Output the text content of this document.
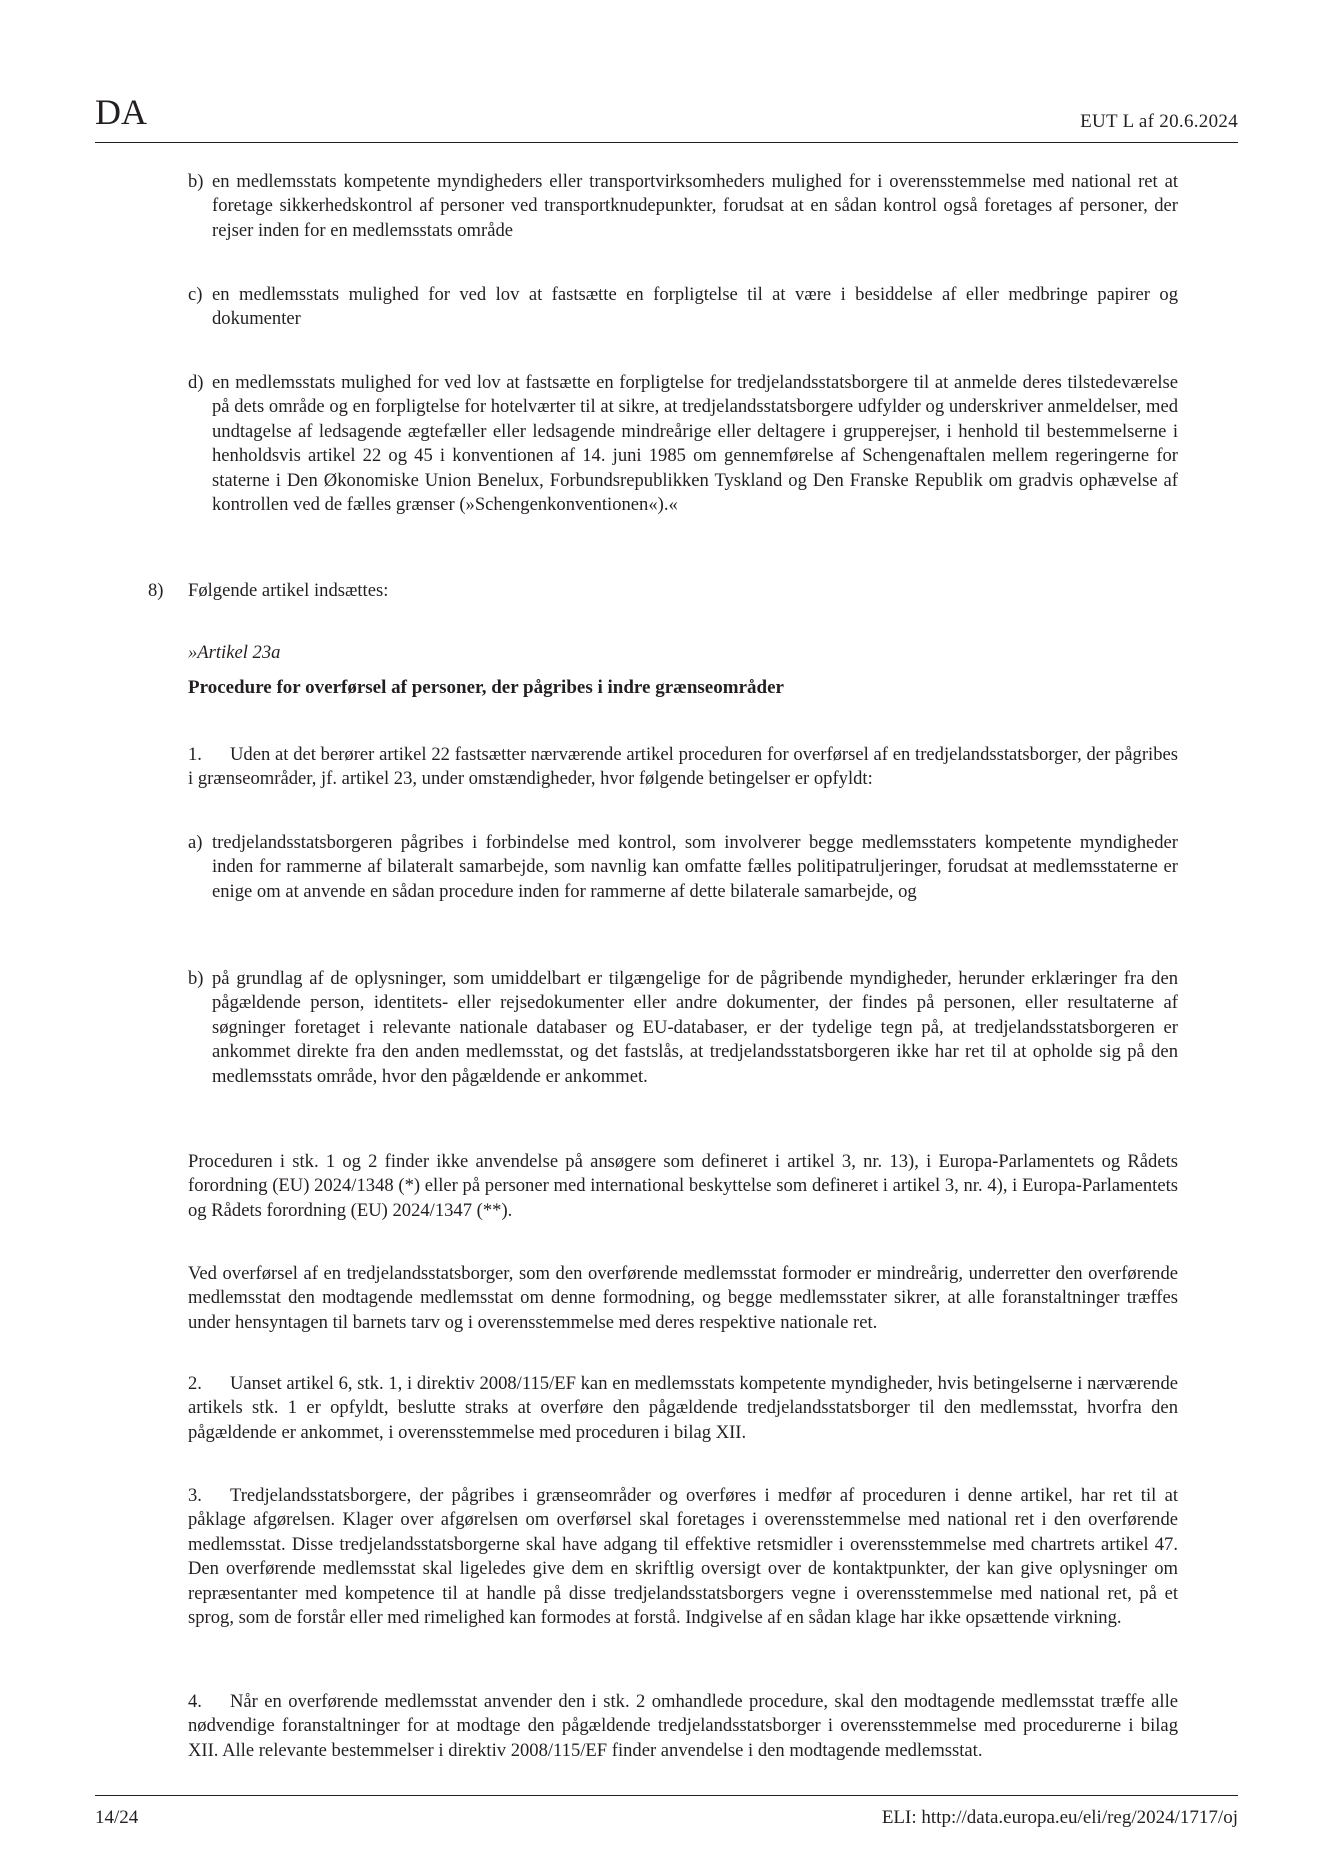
DA	EUT L af 20.6.2024
b) en medlemsstats kompetente myndigheders eller transportvirksomheders mulighed for i overensstemmelse med national ret at foretage sikkerhedskontrol af personer ved transportknudepunkter, forudsat at en sådan kontrol også foretages af personer, der rejser inden for en medlemsstats område
c) en medlemsstats mulighed for ved lov at fastsætte en forpligtelse til at være i besiddelse af eller medbringe papirer og dokumenter
d) en medlemsstats mulighed for ved lov at fastsætte en forpligtelse for tredjelandsstatsborgere til at anmelde deres tilstedeværelse på dets område og en forpligtelse for hotelværter til at sikre, at tredjelandsstatsborgere udfylder og underskriver anmeldelser, med undtagelse af ledsagende ægtefæller eller ledsagende mindreårige eller deltagere i grupperejser, i henhold til bestemmelserne i henholdsvis artikel 22 og 45 i konventionen af 14. juni 1985 om gennemførelse af Schengenaftalen mellem regeringerne for staterne i Den Økonomiske Union Benelux, Forbundsrepublikken Tyskland og Den Franske Republik om gradvis ophævelse af kontrollen ved de fælles grænser (»Schengenkonventionen«).«
8) Følgende artikel indsættes:
»Artikel 23a
Procedure for overførsel af personer, der pågribes i indre grænseområder
1. Uden at det berører artikel 22 fastsætter nærværende artikel proceduren for overførsel af en tredjelandsstatsborger, der pågribes i grænseområder, jf. artikel 23, under omstændigheder, hvor følgende betingelser er opfyldt:
a) tredjelandsstatsborgeren pågribes i forbindelse med kontrol, som involverer begge medlemsstaters kompetente myndigheder inden for rammerne af bilateralt samarbejde, som navnlig kan omfatte fælles politipatruljeringer, forudsat at medlemsstaterne er enige om at anvende en sådan procedure inden for rammerne af dette bilaterale samarbejde, og
b) på grundlag af de oplysninger, som umiddelbart er tilgængelige for de pågribende myndigheder, herunder erklæringer fra den pågældende person, identitets- eller rejsedokumenter eller andre dokumenter, der findes på personen, eller resultaterne af søgninger foretaget i relevante nationale databaser og EU-databaser, er der tydelige tegn på, at tredjelandsstatsborgeren er ankommet direkte fra den anden medlemsstat, og det fastslås, at tredjelandsstatsborgeren ikke har ret til at opholde sig på den medlemsstats område, hvor den pågældende er ankommet.
Proceduren i stk. 1 og 2 finder ikke anvendelse på ansøgere som defineret i artikel 3, nr. 13), i Europa-Parlamentets og Rådets forordning (EU) 2024/1348 (*) eller på personer med international beskyttelse som defineret i artikel 3, nr. 4), i Europa-Parlamentets og Rådets forordning (EU) 2024/1347 (**).
Ved overførsel af en tredjelandsstatsborger, som den overførende medlemsstat formoder er mindreårig, underretter den overførende medlemsstat den modtagende medlemsstat om denne formodning, og begge medlemsstater sikrer, at alle foranstaltninger træffes under hensyntagen til barnets tarv og i overensstemmelse med deres respektive nationale ret.
2. Uanset artikel 6, stk. 1, i direktiv 2008/115/EF kan en medlemsstats kompetente myndigheder, hvis betingelserne i nærværende artikels stk. 1 er opfyldt, beslutte straks at overføre den pågældende tredjelandsstatsborger til den medlemsstat, hvorfra den pågældende er ankommet, i overensstemmelse med proceduren i bilag XII.
3. Tredjelandsstatsborgere, der pågribes i grænseområder og overføres i medfør af proceduren i denne artikel, har ret til at påklage afgørelsen. Klager over afgørelsen om overførsel skal foretages i overensstemmelse med national ret i den overførende medlemsstat. Disse tredjelandsstatsborgerne skal have adgang til effektive retsmidler i overensstemmelse med chartrets artikel 47. Den overførende medlemsstat skal ligeledes give dem en skriftlig oversigt over de kontaktpunkter, der kan give oplysninger om repræsentanter med kompetence til at handle på disse tredjelandsstatsborgers vegne i overensstemmelse med national ret, på et sprog, som de forstår eller med rimelighed kan formodes at forstå. Indgivelse af en sådan klage har ikke opsættende virkning.
4. Når en overførende medlemsstat anvender den i stk. 2 omhandlede procedure, skal den modtagende medlemsstat træffe alle nødvendige foranstaltninger for at modtage den pågældende tredjelandsstatsborger i overensstemmelse med procedurerne i bilag XII. Alle relevante bestemmelser i direktiv 2008/115/EF finder anvendelse i den modtagende medlemsstat.
14/24	ELI: http://data.europa.eu/eli/reg/2024/1717/oj
